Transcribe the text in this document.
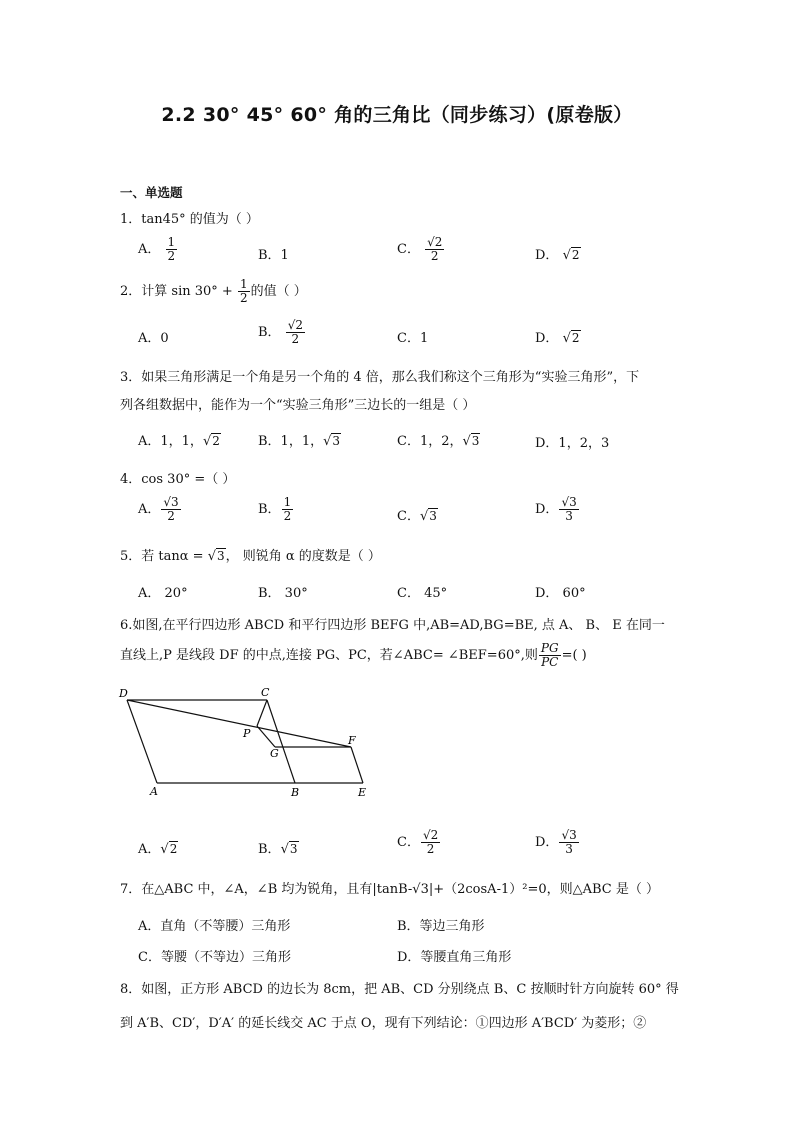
2.2 30° 45° 60° 角的三角比（同步练习）(原卷版）
一、单选题
1．tan45° 的值为（ ）
A． $\frac{1}{2}$	B．1	C． $\frac{√2}{2}$	D． √2
2．计算 $\sin 30^\circ + \frac{1}{2}$ 的值（ ）
A．0	B． $\frac{√2}{2}$	C．1	D． √2
3．如果三角形满足一个角是另一个角的 4 倍，那么我们称这个三角形为“实验三角形”，下
列各组数据中，能作为一个“实验三角形”三边长的一组是（ ）
A．1，1，√2	B．1，1，√3	C．1，2，√3	D．1，2，3
4．cos 30° =（ ）
A． $\frac{√3}{2}$	B． $\frac{1}{2}$	C．√3	D． $\frac{√3}{3}$
5．若 tanα = √3， 则锐角 α 的度数是（ ）
A． 20°	B． 30°	C． 45°	D． 60°
6.如图,在平行四边形 ABCD 和平行四边形 BEFG 中,AB=AD,BG=BE, 点 A、 B、 E 在同一
直线上,P 是线段 DF 的中点,连接 PG、PC，若∠ABC= ∠BEF=60°,则 $\frac{PG}{PC}$ =( )
D	C
P
G
F
A	B	E
A．√2	B．√3	C． $\frac{√2}{2}$	D． $\frac{√3}{3}$
7．在△ABC 中，∠A，∠B 均为锐角，且有|tanB-√3|+（2cosA-1）²=0，则△ABC 是（ ）
A．直角（不等腰）三角形	B．等边三角形
C．等腰（不等边）三角形	D．等腰直角三角形
8．如图，正方形 ABCD 的边长为 8cm，把 AB、CD 分别绕点 B、C 按顺时针方向旋转 60° 得
到 A′B、CD′，D′A′ 的延长线交 AC 于点 O，现有下列结论：①四边形 A′BCD′ 为菱形；②
